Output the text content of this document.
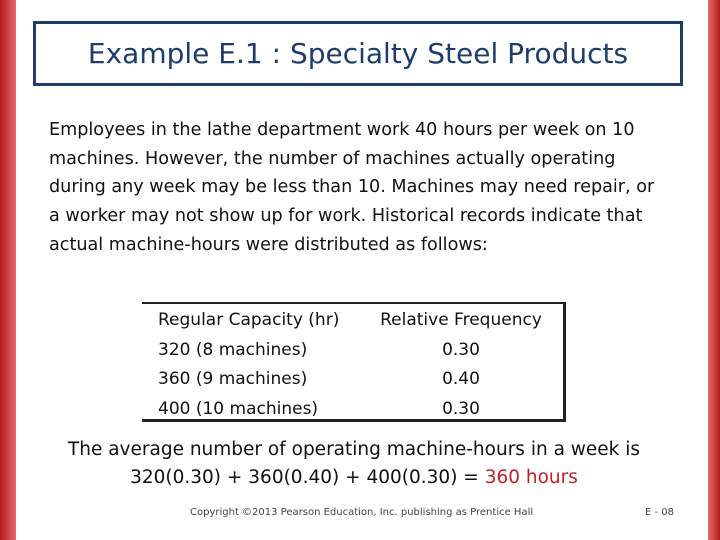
Example E.1 : Specialty Steel Products
Employees in the lathe department work 40 hours per week on 10 machines. However, the number of machines actually operating during any week may be less than 10. Machines may need repair, or a worker may not show up for work. Historical records indicate that actual machine-hours were distributed as follows:
Regular Capacity (hr)
320 (8 machines)
360 (9 machines)
400 (10 machines)
Relative Frequency
0.30
0.40
0.30
The average number of operating machine-hours in a week is
320(0.30) + 360(0.40) + 400(0.30) = 360 hours
Copyright ©2013 Pearson Education, Inc. publishing as Prentice Hall	E - 08
